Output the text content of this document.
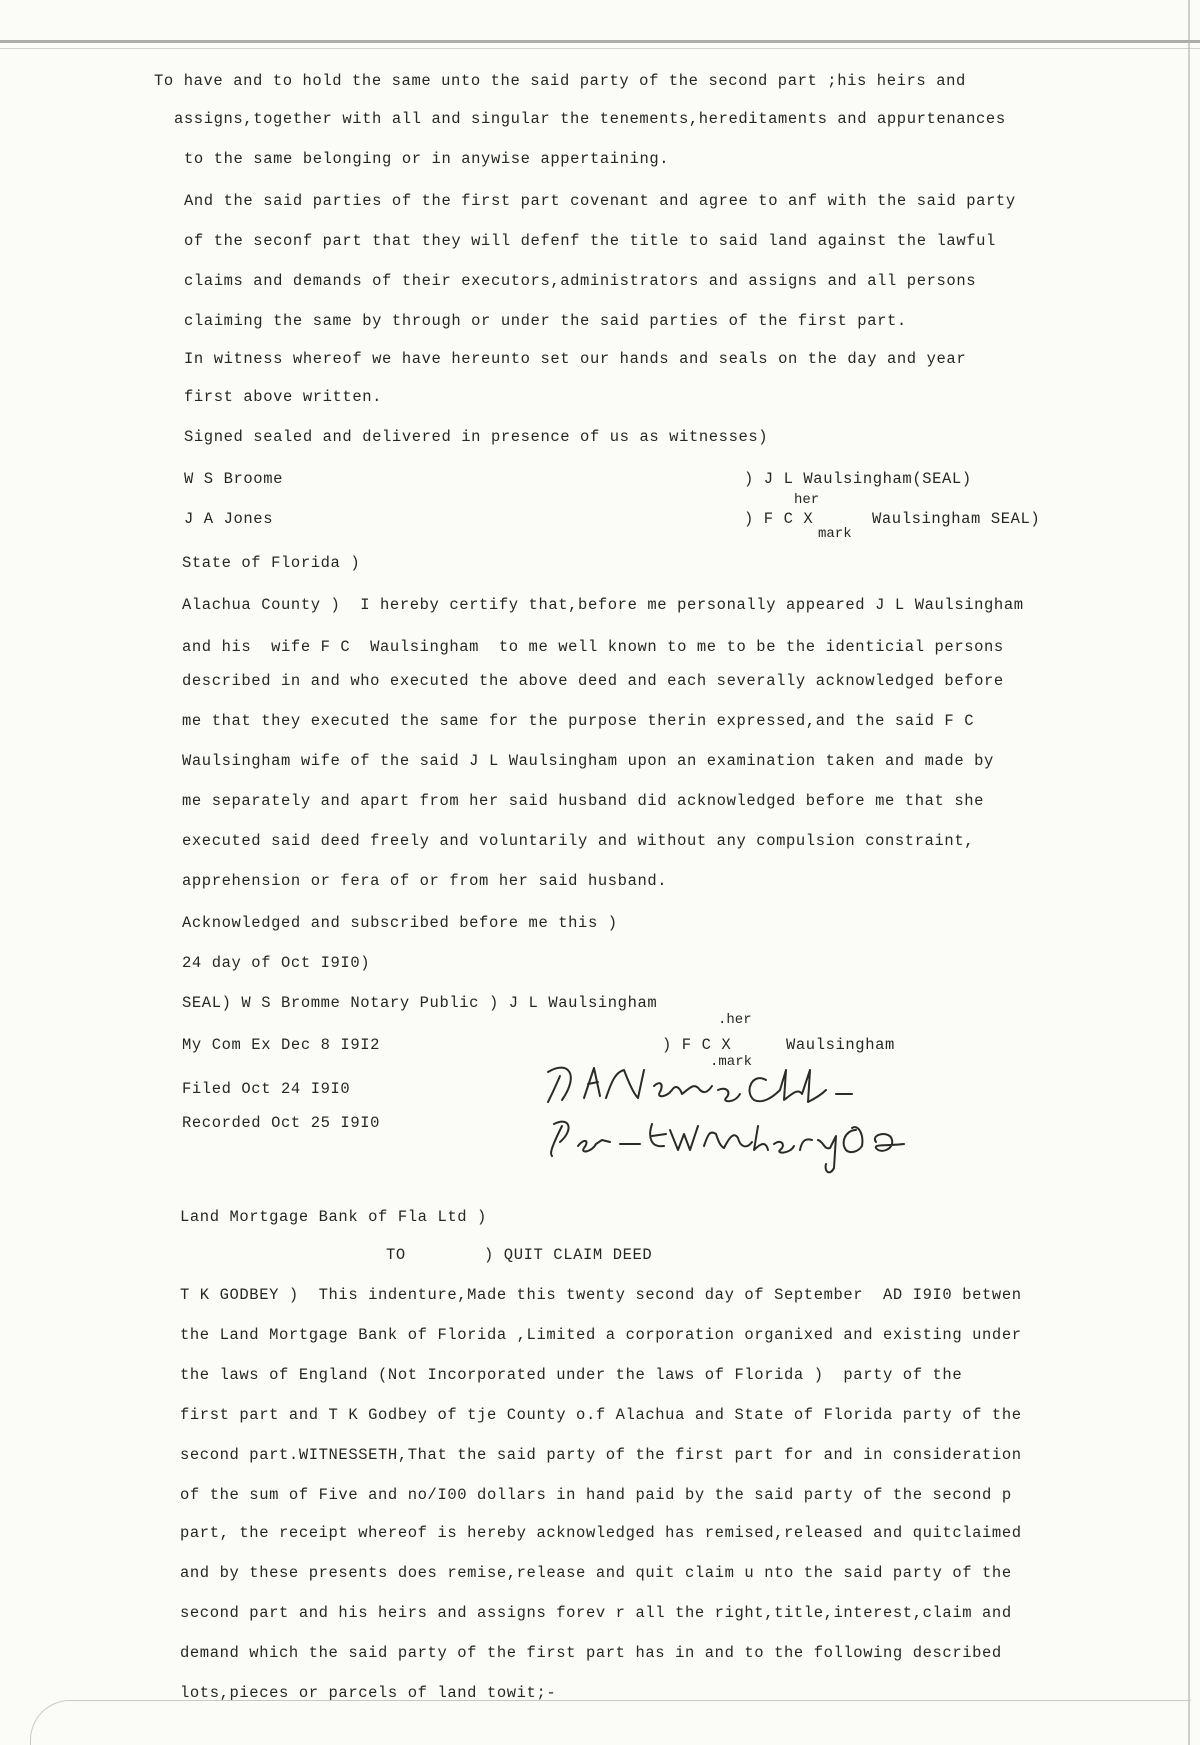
To have and to hold the same unto the said party of the second part ;his heirs and
assigns,together with all and singular the tenements,hereditaments and appurtenances
to the same belonging or in anywise appertaining.
And the said parties of the first part covenant and agree to anf with the said party
of the seconf part that they will defenf the title to said land against the lawful
claims and demands of their executors,administrators and assigns and all persons
claiming the same by through or under the said parties of the first part.
In witness whereof we have hereunto set our hands and seals on the day and year
first above written.
Signed sealed and delivered in presence of us as witnesses)
W S Broome	) J L Waulsingham(SEAL)
her
J A Jones	) F C X
mark
Waulsingham SEAL)
State of Florida )
Alachua County )  I hereby certify that,before me personally appeared J L Waulsingham
and his  wife F C  Waulsingham  to me well known to me to be the identicial persons
described in and who executed the above deed and each severally acknowledged before
me that they executed the same for the purpose therin expressed,and the said F C
Waulsingham wife of the said J L Waulsingham upon an examination taken and made by
me separately and apart from her said husband did acknowledged before me that she
executed said deed freely and voluntarily and without any compulsion constraint,
apprehension or fera of or from her said husband.
Acknowledged and subscribed before me this )
24 day of Oct I9I0)
SEAL) W S Bromme Notary Public ) J L Waulsingham
.her
My Com Ex Dec 8 I9I2	) F C X	Waulsingham
.mark
Filed Oct 24 I9I0
Recorded Oct 25 I9I0
Land Mortgage Bank of Fla Ltd )
TO	) QUIT CLAIM DEED
T K GODBEY )  This indenture,Made this twenty second day of September  AD I9I0 betwen
the Land Mortgage Bank of Florida ,Limited a corporation organixed and existing under
the laws of England (Not Incorporated under the laws of Florida )  party of the
first part and T K Godbey of tje County o.f Alachua and State of Florida party of the
second part.WITNESSETH,That the said party of the first part for and in consideration
of the sum of Five and no/I00 dollars in hand paid by the said party of the second p
part, the receipt whereof is hereby acknowledged has remised,released and quitclaimed
and by these presents does remise,release and quit claim u nto the said party of the
second part and his heirs and assigns forev r all the right,title,interest,claim and
demand which the said party of the first part has in and to the following described
lots,pieces or parcels of land towit;-
